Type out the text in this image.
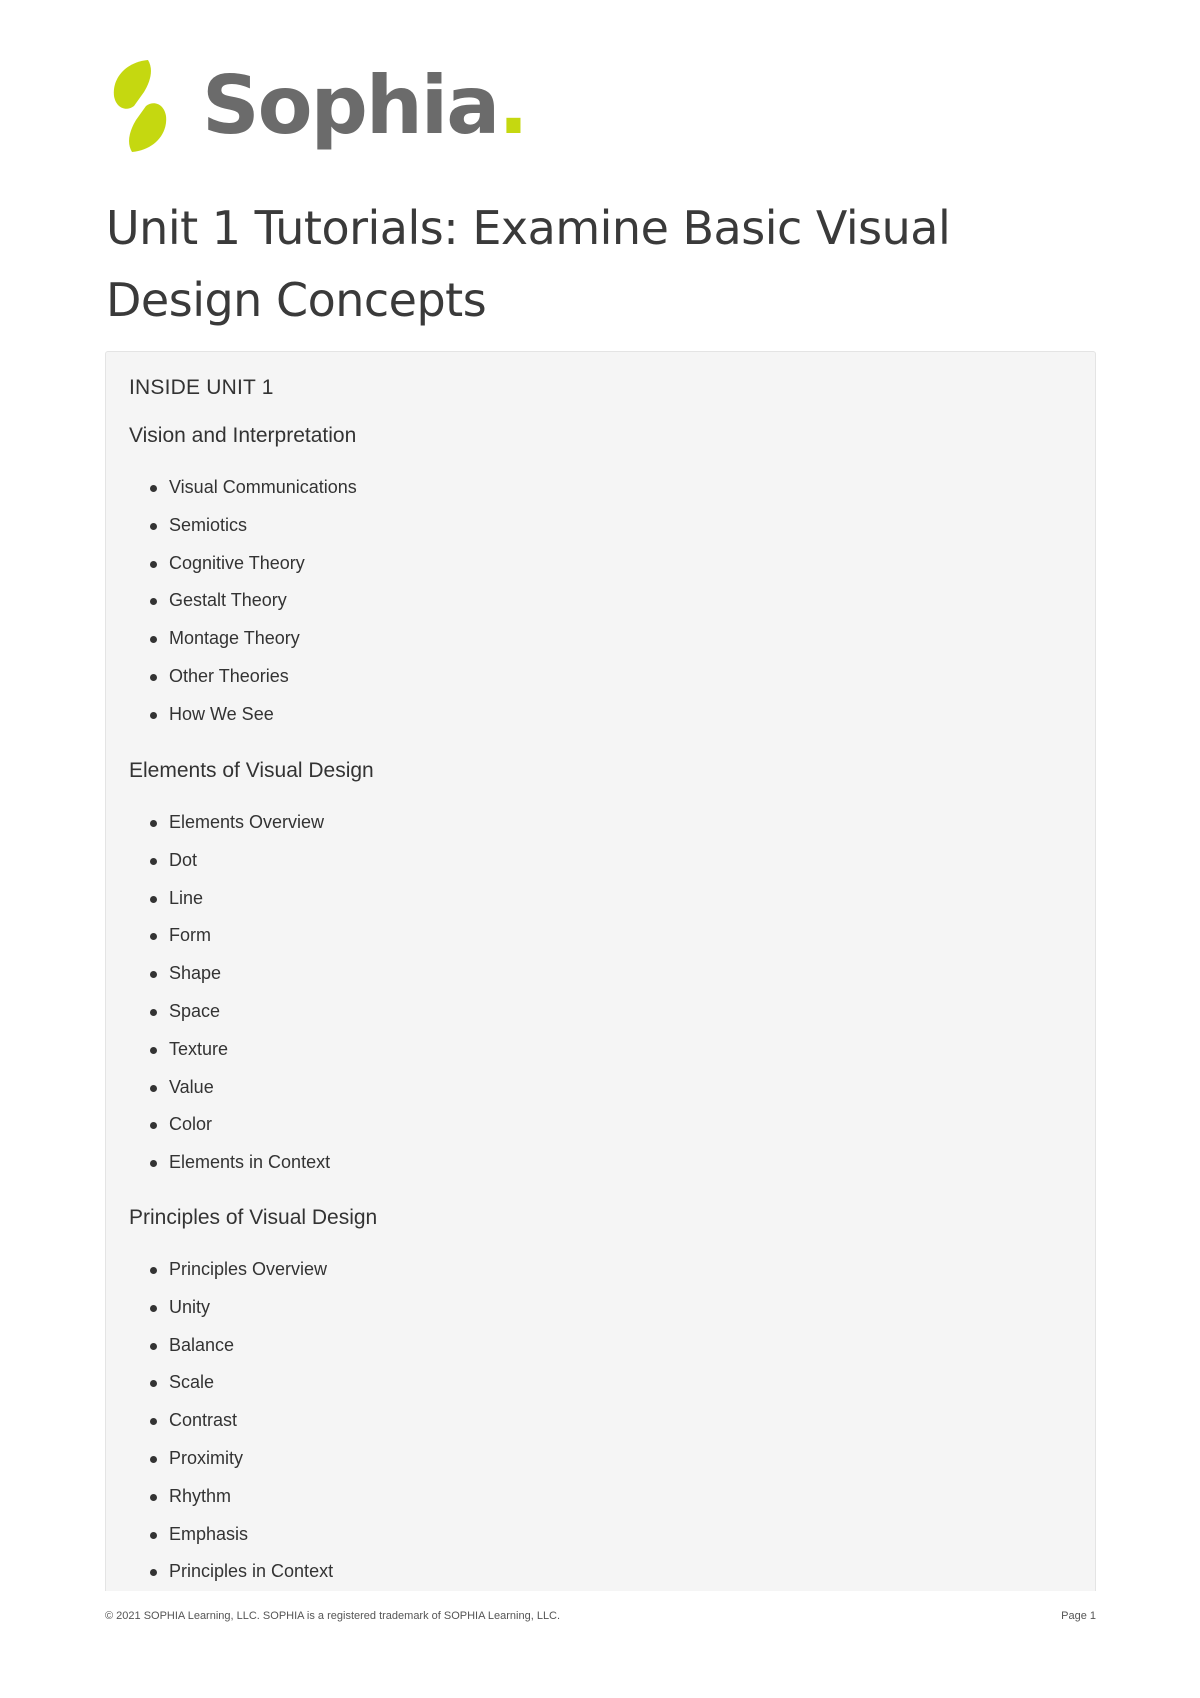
Sophia.
Unit 1 Tutorials: Examine Basic Visual Design Concepts
INSIDE UNIT 1
Vision and Interpretation
Visual Communications
Semiotics
Cognitive Theory
Gestalt Theory
Montage Theory
Other Theories
How We See
Elements of Visual Design
Elements Overview
Dot
Line
Form
Shape
Space
Texture
Value
Color
Elements in Context
Principles of Visual Design
Principles Overview
Unity
Balance
Scale
Contrast
Proximity
Rhythm
Emphasis
Principles in Context
© 2021 SOPHIA Learning, LLC. SOPHIA is a registered trademark of SOPHIA Learning, LLC.	Page 1
